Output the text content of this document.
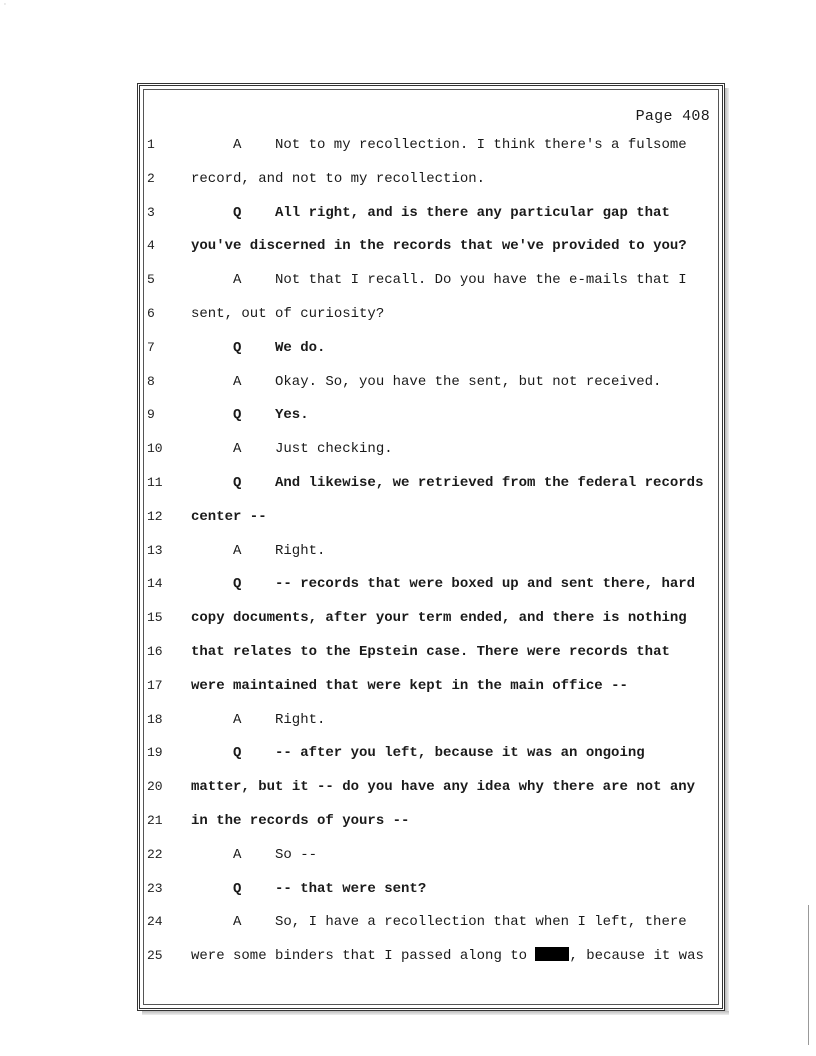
'
Page 408
1	A Not to my recollection. I think there's a fulsome
2	record, and not to my recollection.
3	Q All right, and is there any particular gap that
4	you've discerned in the records that we've provided to you?
5	A Not that I recall. Do you have the e-mails that I
6	sent, out of curiosity?
7	Q We do.
8	A Okay. So, you have the sent, but not received.
9	Q Yes.
10	A Just checking.
11	Q And likewise, we retrieved from the federal records
12	center --
13	A Right.
14	Q -- records that were boxed up and sent there, hard
15	copy documents, after your term ended, and there is nothing
16	that relates to the Epstein case. There were records that
17	were maintained that were kept in the main office --
18	A Right.
19	Q -- after you left, because it was an ongoing
20	matter, but it -- do you have any idea why there are not any
21	in the records of yours --
22	A So --
23	Q -- that were sent?
24	A So, I have a recollection that when I left, there
25	were some binders that I passed along to	, because it was
